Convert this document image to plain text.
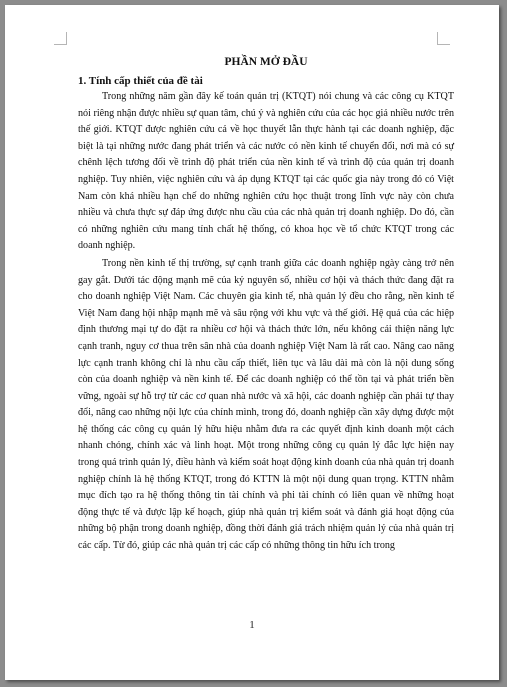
PHẦN MỞ ĐẦU
1. Tính cấp thiết của đề tài

Trong những năm gần đây kế toán quản trị (KTQT) nói chung và các công cụ KTQT nói riêng nhận được nhiều sự quan tâm, chú ý và nghiên cứu của các học giả nhiều nước trên thế giới. KTQT được nghiên cứu cả về học thuyết lẫn thực hành tại các doanh nghiệp, đặc biệt là tại những nước đang phát triển và các nước có nền kinh tế chuyển đổi, nơi mà có sự chênh lệch tương đối về trình độ phát triển của nền kinh tế và trình độ của quản trị doanh nghiệp. Tuy nhiên, việc nghiên cứu và áp dụng KTQT tại các quốc gia này trong đó có Việt Nam còn khá nhiều hạn chế do những nghiên cứu học thuật trong lĩnh vực này còn chưa nhiều và chưa thực sự đáp ứng được nhu cầu của các nhà quản trị doanh nghiệp. Do đó, cần có những nghiên cứu mang tính chất hệ thống, có khoa học về tổ chức KTQT trong các doanh nghiệp.

Trong nền kinh tế thị trường, sự cạnh tranh giữa các doanh nghiệp ngày càng trở nên gay gắt. Dưới tác động mạnh mẽ của kỷ nguyên số, nhiều cơ hội và thách thức đang đặt ra cho doanh nghiệp Việt Nam. Các chuyên gia kinh tế, nhà quản lý đều cho rằng, nền kinh tế Việt Nam đang hội nhập mạnh mẽ và sâu rộng với khu vực và thế giới. Hệ quả của các hiệp định thương mại tự do đặt ra nhiều cơ hội và thách thức lớn, nếu không cải thiện năng lực cạnh tranh, nguy cơ thua trên sân nhà của doanh nghiệp Việt Nam là rất cao. Nâng cao năng lực cạnh tranh không chỉ là nhu cầu cấp thiết, liên tục và lâu dài mà còn là nội dung sống còn của doanh nghiệp và nền kinh tế. Để các doanh nghiệp có thể tồn tại và phát triển bền vững, ngoài sự hỗ trợ từ các cơ quan nhà nước và xã hội, các doanh nghiệp cần phải tự thay đổi, nâng cao những nội lực của chính mình, trong đó, doanh nghiệp cần xây dựng được một hệ thống các công cụ quản lý hữu hiệu nhằm đưa ra các quyết định kinh doanh một cách nhanh chóng, chính xác và linh hoạt. Một trong những công cụ quản lý đắc lực hiện nay trong quá trình quản lý, điều hành và kiểm soát hoạt động kinh doanh của nhà quản trị doanh nghiệp chính là hệ thống KTQT, trong đó KTTN là một nội dung quan trọng. KTTN nhằm mục đích tạo ra hệ thống thông tin tài chính và phi tài chính có liên quan về những hoạt động thực tế và được lập kế hoạch, giúp nhà quản trị kiểm soát và đánh giá hoạt động của những bộ phận trong doanh nghiệp, đồng thời đánh giá trách nhiệm quản lý của nhà quản trị các cấp. Từ đó, giúp các nhà quản trị các cấp có những thông tin hữu ích trong

1
